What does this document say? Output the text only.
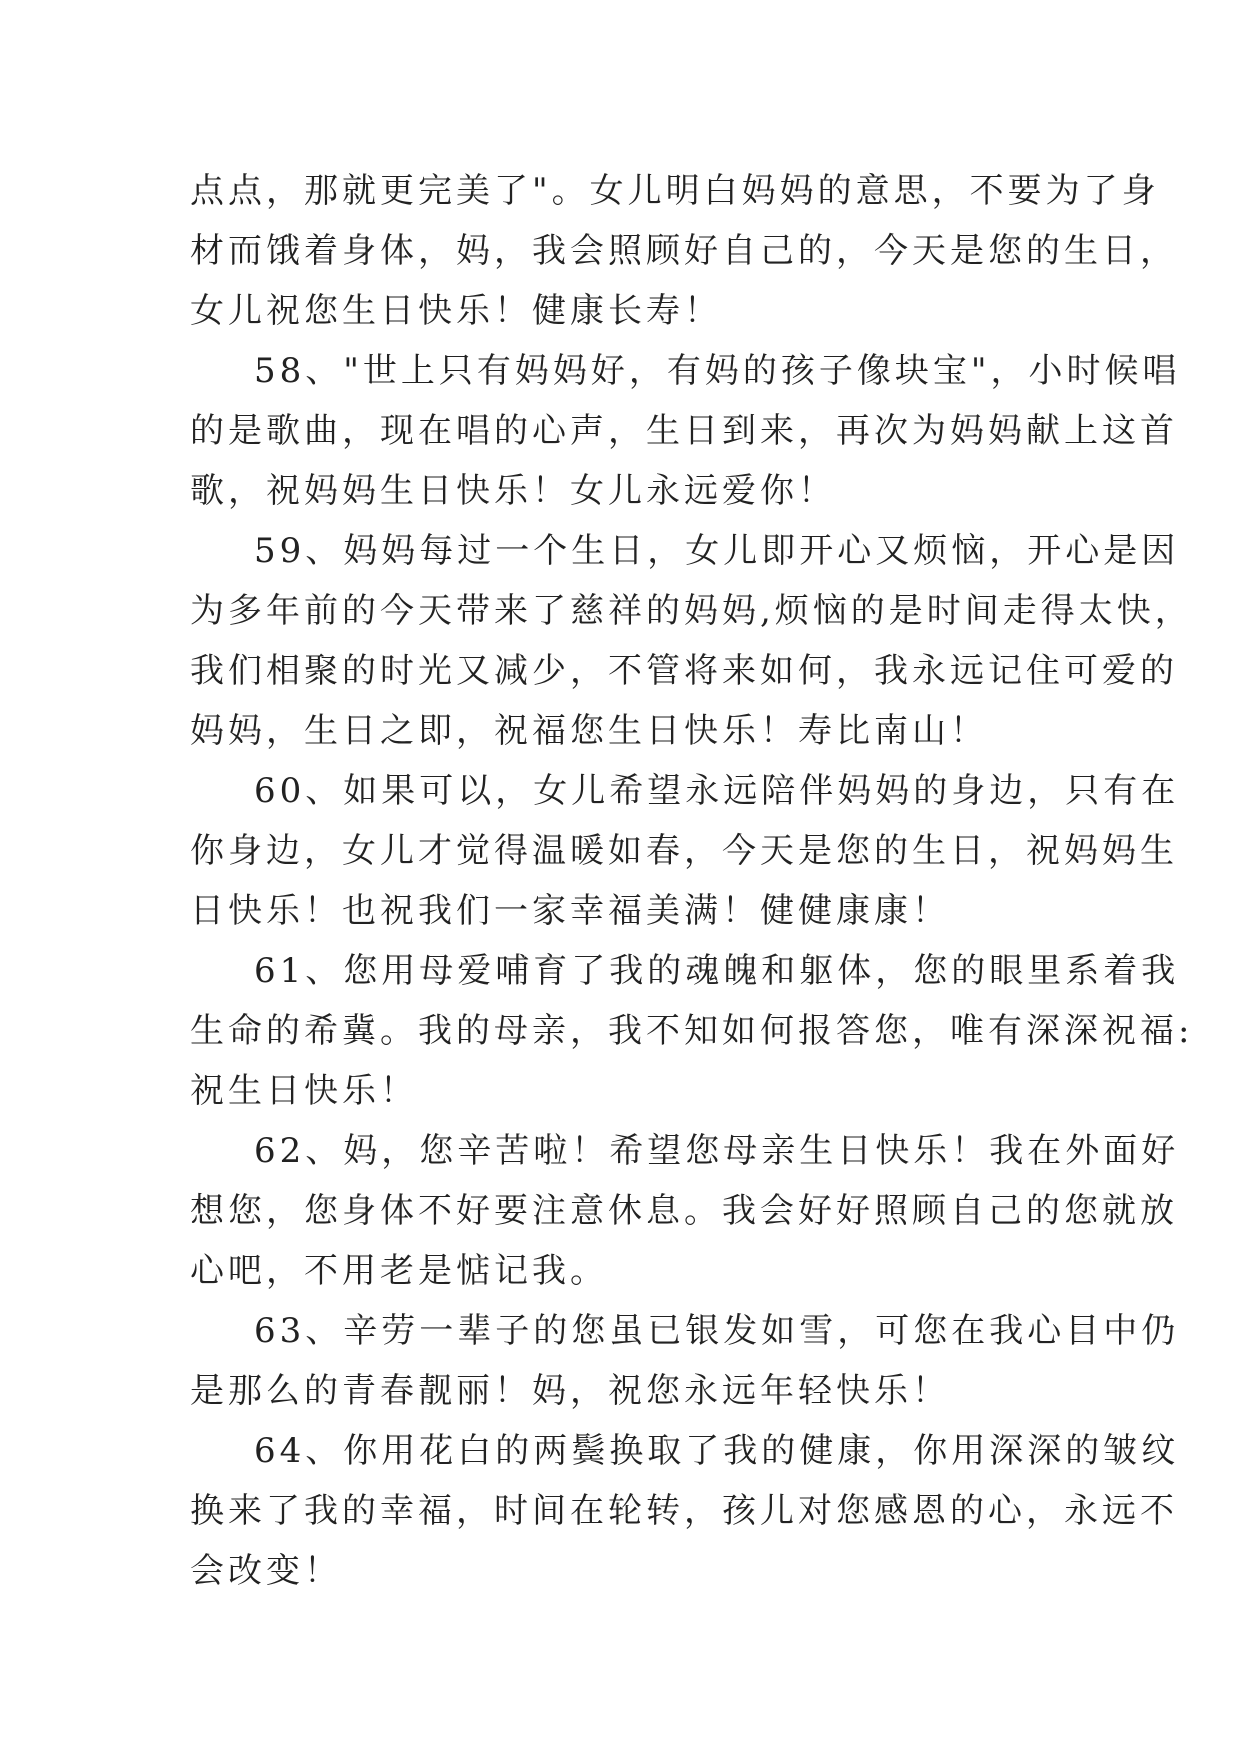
点点，那就更完美了"。女儿明白妈妈的意思，不要为了身
材而饿着身体，妈，我会照顾好自己的，今天是您的生日，
女儿祝您生日快乐！健康长寿！
58、"世上只有妈妈好，有妈的孩子像块宝"，小时候唱
的是歌曲，现在唱的心声，生日到来，再次为妈妈献上这首
歌，祝妈妈生日快乐！女儿永远爱你！
59、妈妈每过一个生日，女儿即开心又烦恼，开心是因
为多年前的今天带来了慈祥的妈妈,烦恼的是时间走得太快，
我们相聚的时光又减少，不管将来如何，我永远记住可爱的
妈妈，生日之即，祝福您生日快乐！寿比南山！
60、如果可以，女儿希望永远陪伴妈妈的身边，只有在
你身边，女儿才觉得温暖如春，今天是您的生日，祝妈妈生
日快乐！也祝我们一家幸福美满！健健康康！
61、您用母爱哺育了我的魂魄和躯体，您的眼里系着我
生命的希冀。我的母亲，我不知如何报答您，唯有深深祝福:
祝生日快乐！
62、妈，您辛苦啦！希望您母亲生日快乐！我在外面好
想您，您身体不好要注意休息。我会好好照顾自己的您就放
心吧，不用老是惦记我。
63、辛劳一辈子的您虽已银发如雪，可您在我心目中仍
是那么的青春靓丽！妈，祝您永远年轻快乐！
64、你用花白的两鬓换取了我的健康，你用深深的皱纹
换来了我的幸福，时间在轮转，孩儿对您感恩的心，永远不
会改变！
